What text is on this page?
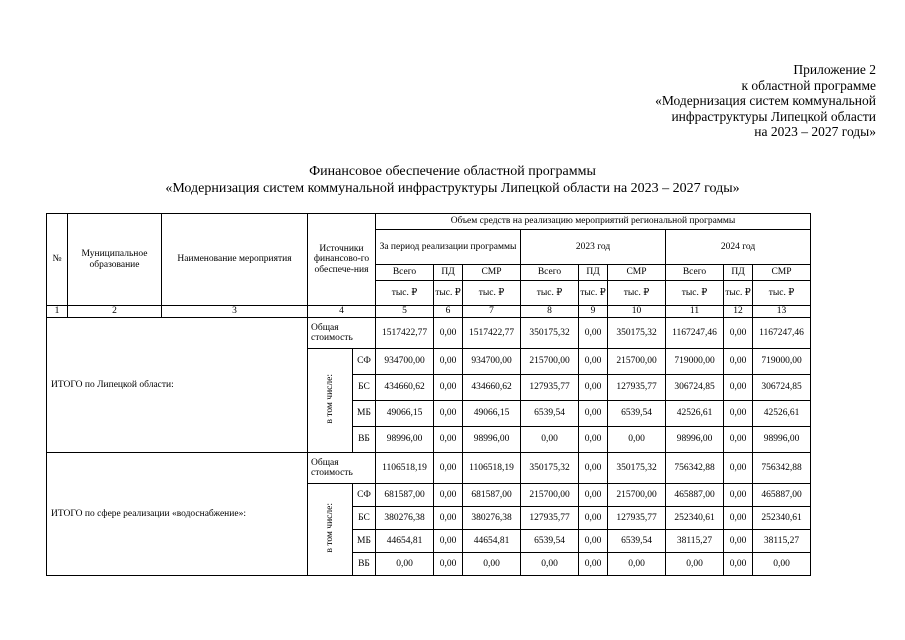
Приложение 2
к областной программе
«Модернизация систем коммунальной
инфраструктуры Липецкой области
на 2023 – 2027 годы»
Финансовое обеспечение областной программы
«Модернизация систем коммунальной инфраструктуры Липецкой области на 2023 – 2027 годы»
№	Муниципальное образование	Наименование мероприятия	Источники финансово-го обеспече-ния		Объем средств на реализацию мероприятий региональной программы								
					За период реализации программы			2023 год			2024 год		
					Всего	ПД	СМР	Всего	ПД	СМР	Всего	ПД	СМР
					тыс. ₽	тыс. ₽	тыс. ₽	тыс. ₽	тыс. ₽	тыс. ₽	тыс. ₽	тыс. ₽	тыс. ₽
1	2	3	4		5	6	7	8	9	10	11	12	13
ИТОГО по Липецкой области:			Общая стоимость		1517422,77	0,00	1517422,77	350175,32	0,00	350175,32	1167247,46	0,00	1167247,46
			в том числе:	СФ	934700,00	0,00	934700,00	215700,00	0,00	215700,00	719000,00	0,00	719000,00
				БС	434660,62	0,00	434660,62	127935,77	0,00	127935,77	306724,85	0,00	306724,85
				МБ	49066,15	0,00	49066,15	6539,54	0,00	6539,54	42526,61	0,00	42526,61
				ВБ	98996,00	0,00	98996,00	0,00	0,00	0,00	98996,00	0,00	98996,00
ИТОГО по сфере реализации «водоснабжение»:			Общая стоимость		1106518,19	0,00	1106518,19	350175,32	0,00	350175,32	756342,88	0,00	756342,88
			в том числе:	СФ	681587,00	0,00	681587,00	215700,00	0,00	215700,00	465887,00	0,00	465887,00
				БС	380276,38	0,00	380276,38	127935,77	0,00	127935,77	252340,61	0,00	252340,61
				МБ	44654,81	0,00	44654,81	6539,54	0,00	6539,54	38115,27	0,00	38115,27
				ВБ	0,00	0,00	0,00	0,00	0,00	0,00	0,00	0,00	0,00
